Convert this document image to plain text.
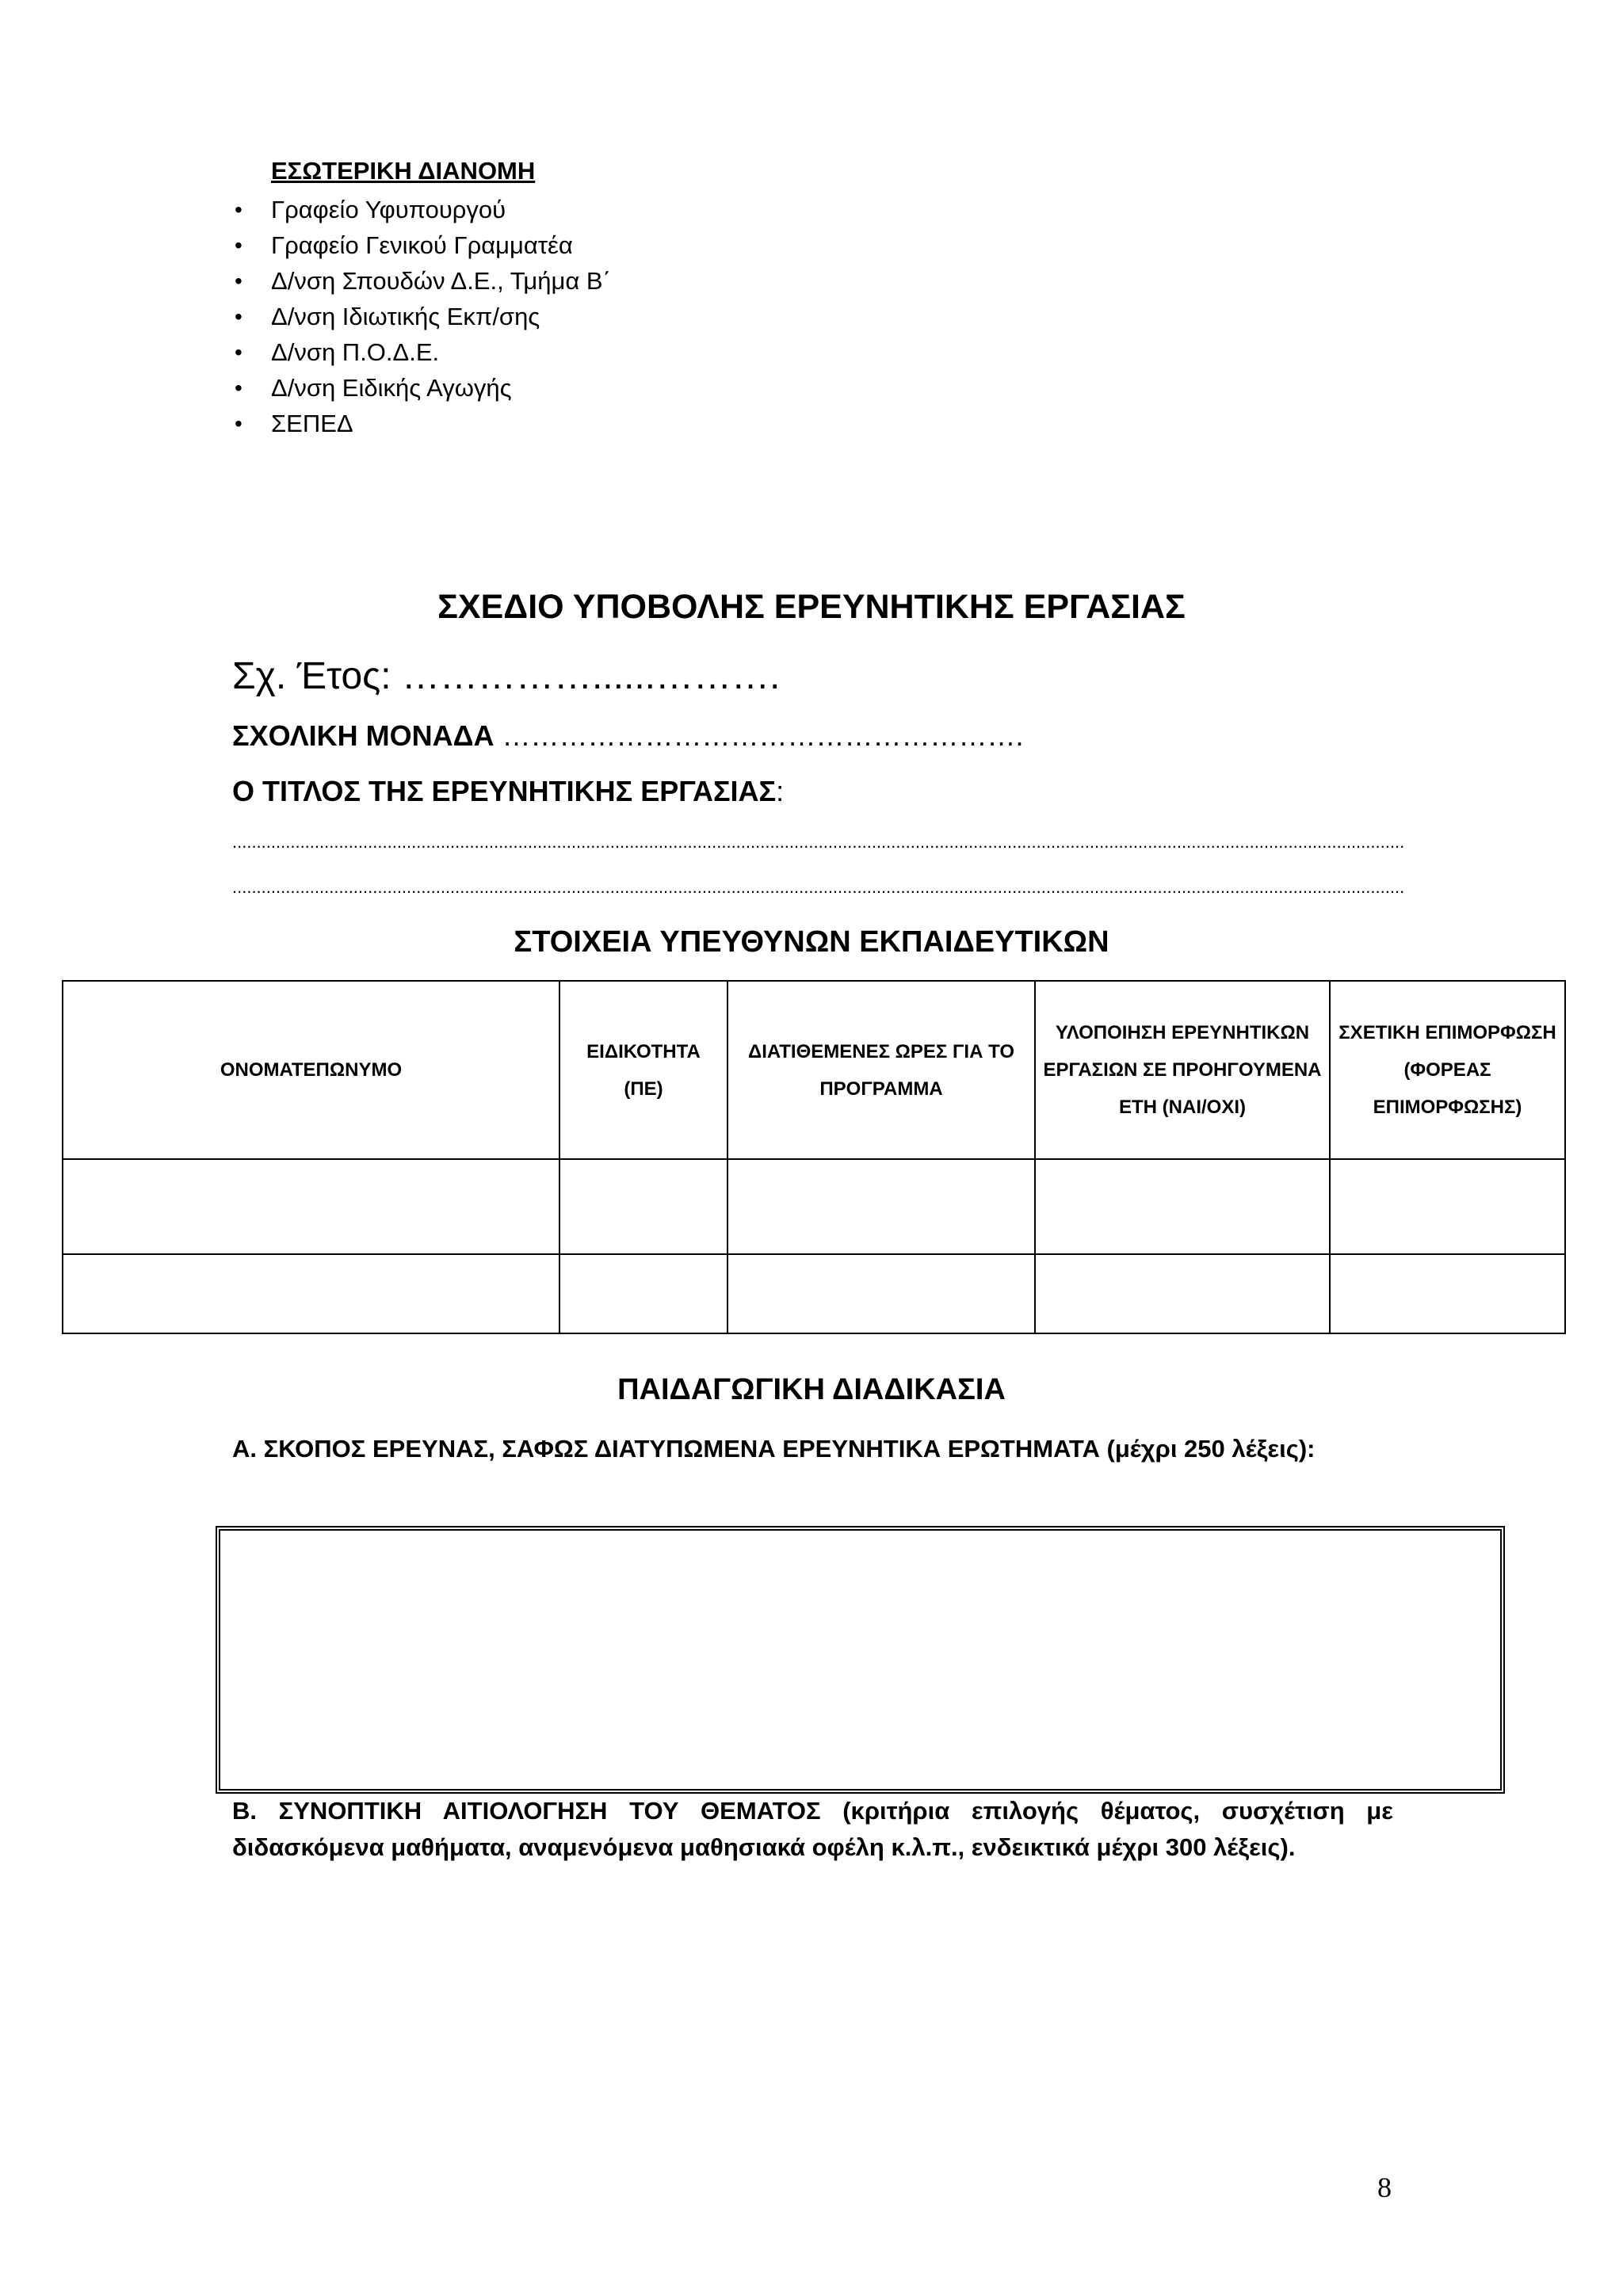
ΕΣΩΤΕΡΙΚΗ ΔΙΑΝΟΜΗ
• Γραφείο Υφυπουργού
• Γραφείο Γενικού Γραμματέα
• Δ/νση Σπουδών Δ.Ε., Τμήμα Β΄
• Δ/νση Ιδιωτικής Εκπ/σης
• Δ/νση Π.Ο.Δ.Ε.
• Δ/νση Ειδικής Αγωγής
• ΣΕΠΕΔ
ΣΧΕΔΙΟ ΥΠΟΒΟΛΗΣ ΕΡΕΥΝΗΤΙΚΗΣ ΕΡΓΑΣΙΑΣ
Σχ. Έτος: ……………......……….
ΣΧΟΛΙΚΗ ΜΟΝΑΔΑ ……………………………………………….
Ο ΤΙΤΛΟΣ ΤΗΣ ΕΡΕΥΝΗΤΙΚΗΣ ΕΡΓΑΣΙΑΣ:
..................................................................................................................................................................................................................................................
..................................................................................................................................................................................................................................................
ΣΤΟΙΧΕΙΑ ΥΠΕΥΘΥΝΩΝ ΕΚΠΑΙΔΕΥΤΙΚΩΝ
ΟΝΟΜΑΤΕΠΩΝΥΜΟ	ΕΙΔΙΚΟΤΗΤΑ (ΠΕ)	ΔΙΑΤΙΘΕΜΕΝΕΣ ΩΡΕΣ ΓΙΑ ΤΟ ΠΡΟΓΡΑΜΜΑ	ΥΛΟΠΟΙΗΣΗ ΕΡΕΥΝΗΤΙΚΩΝ ΕΡΓΑΣΙΩΝ ΣΕ ΠΡΟΗΓΟΥΜΕΝΑ ΕΤΗ (ΝΑΙ/ΟΧΙ)	ΣΧΕΤΙΚΗ ΕΠΙΜΟΡΦΩΣΗ (ΦΟΡΕΑΣ ΕΠΙΜΟΡΦΩΣΗΣ)

ΠΑΙΔΑΓΩΓΙΚΗ ΔΙΑΔΙΚΑΣΙΑ
Α. ΣΚΟΠΟΣ ΕΡΕΥΝΑΣ, ΣΑΦΩΣ ΔΙΑΤΥΠΩΜΕΝΑ ΕΡΕΥΝΗΤΙΚΑ ΕΡΩΤΗΜΑΤΑ (μέχρι 250 λέξεις):
Β. ΣΥΝΟΠΤΙΚΗ ΑΙΤΙΟΛΟΓΗΣΗ ΤΟΥ ΘΕΜΑΤΟΣ (κριτήρια επιλογής θέματος, συσχέτιση με διδασκόμενα μαθήματα, αναμενόμενα μαθησιακά οφέλη κ.λ.π., ενδεικτικά μέχρι 300 λέξεις).
8
